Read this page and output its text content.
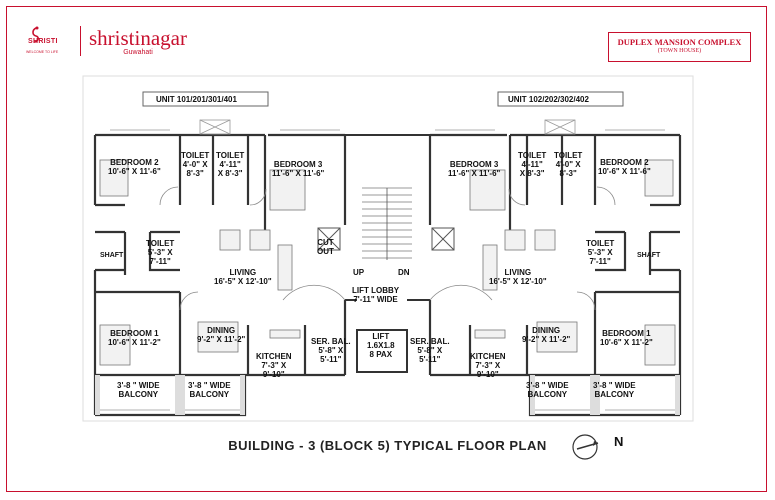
SHRISTI
WELCOME TO LIFE
shristinagar
Guwahati
DUPLEX MANSION COMPLEX
(TOWN HOUSE)
UNIT 101/201/301/401	UNIT 102/202/302/402
BEDROOM 2
10'-6" X 11'-6"
TOILET
4'-0" X
8'-3"
TOILET
4'-11"
X 8'-3"
BEDROOM 3
11'-6" X 11'-6"
SHAFT
TOILET
5'-3" X
7'-11"
LIVING
16'-5" X 12'-10"
BEDROOM 1
10'-6" X 11'-2"
DINING
9'-2" X 11'-2"
KITCHEN
7'-3" X
9'-10"
SER. BAL.
5'-8" X
5'-11"
3'-8 " WIDE
BALCONY
3'-8 " WIDE
BALCONY
CUT
OUT
UP	DN
LIFT LOBBY
7'-11" WIDE
LIFT
1.6X1.8
8 PAX
BEDROOM 3
11'-6" X 11'-6"
TOILET
4'-11"
X 8'-3"
TOILET
4'-0" X
8'-3"
BEDROOM 2
10'-6" X 11'-6"
TOILET
5'-3" X
7'-11"
SHAFT
LIVING
16'-5" X 12'-10"
SER. BAL.
5'-8" X
5'-11"	KITCHEN
7'-3" X
9'-10"
DINING
9'-2" X 11'-2"
BEDROOM 1
10'-6" X 11'-2"
3'-8 " WIDE
BALCONY
3'-8 " WIDE
BALCONY
N
BUILDING - 3 (BLOCK 5) TYPICAL FLOOR PLAN
